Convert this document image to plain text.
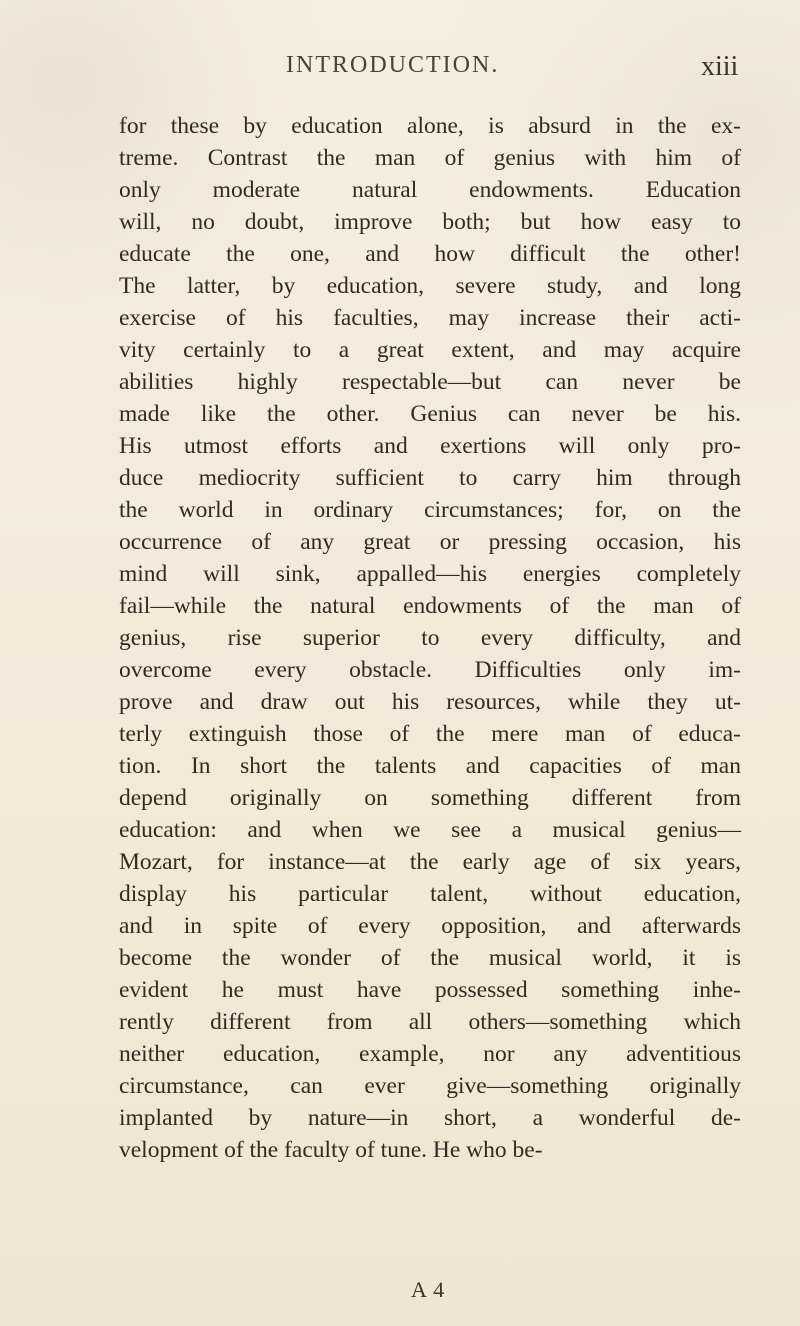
INTRODUCTION.	xiii
for these by education alone, is absurd in the ex-
treme. Contrast the man of genius with him of
only moderate natural endowments. Education
will, no doubt, improve both; but how easy to
educate the one, and how difficult the other!
The latter, by education, severe study, and long
exercise of his faculties, may increase their acti-
vity certainly to a great extent, and may acquire
abilities highly respectable—but can never be
made like the other. Genius can never be his.
His utmost efforts and exertions will only pro-
duce mediocrity sufficient to carry him through
the world in ordinary circumstances; for, on the
occurrence of any great or pressing occasion, his
mind will sink, appalled—his energies completely
fail—while the natural endowments of the man of
genius, rise superior to every difficulty, and
overcome every obstacle. Difficulties only im-
prove and draw out his resources, while they ut-
terly extinguish those of the mere man of educa-
tion. In short the talents and capacities of man
depend originally on something different from
education: and when we see a musical genius—
Mozart, for instance—at the early age of six years,
display his particular talent, without education,
and in spite of every opposition, and afterwards
become the wonder of the musical world, it is
evident he must have possessed something inhe-
rently different from all others—something which
neither education, example, nor any adventitious
circumstance, can ever give—something originally
implanted by nature—in short, a wonderful de-
velopment of the faculty of tune. He who be-
A 4
